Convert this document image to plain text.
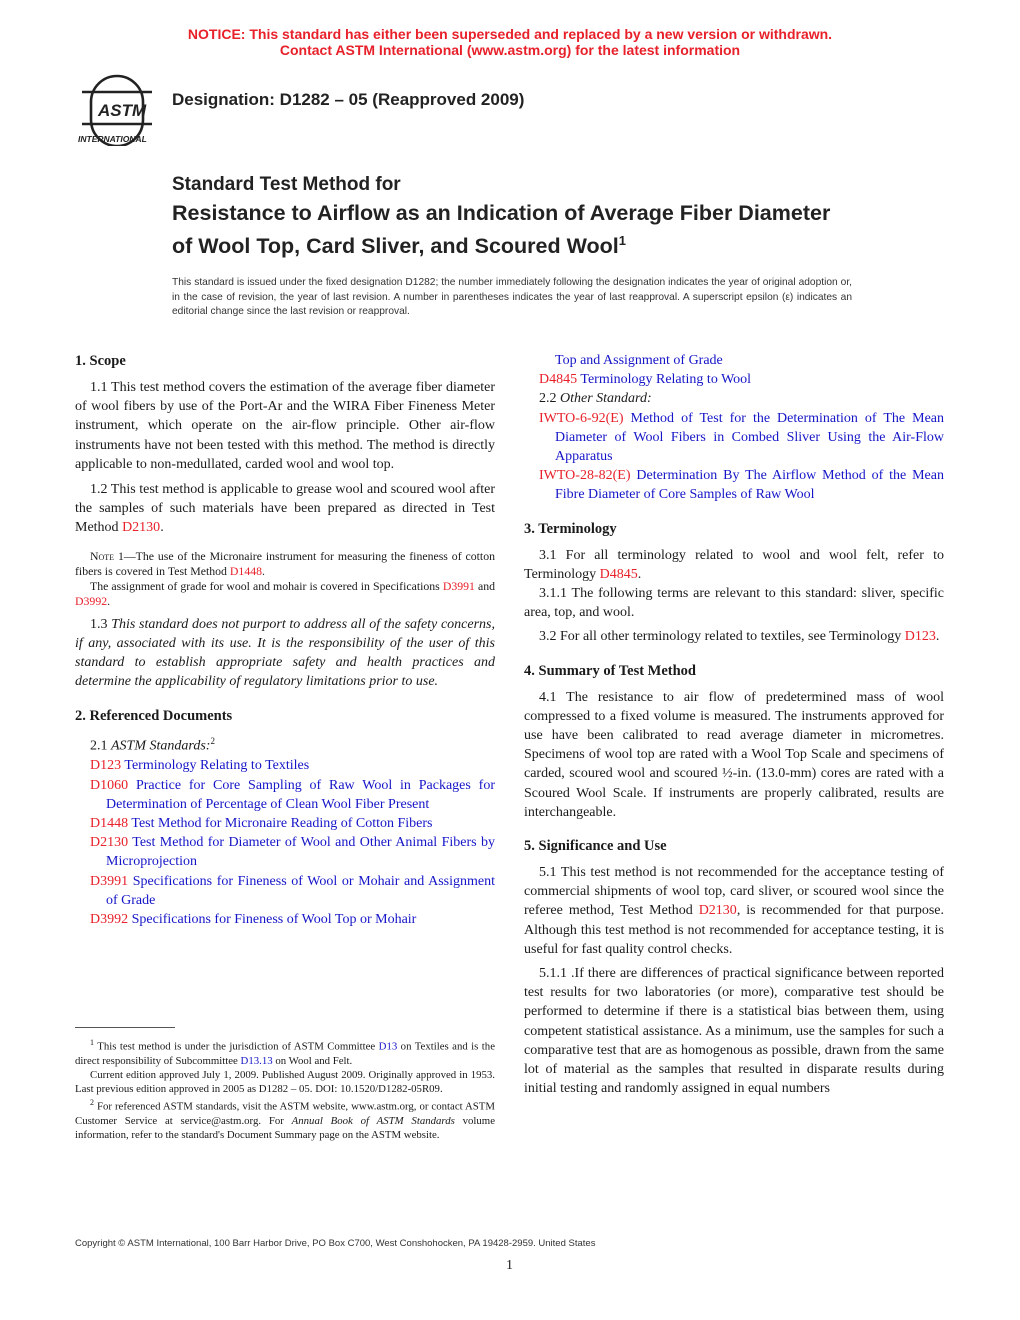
NOTICE: This standard has either been superseded and replaced by a new version or withdrawn.
Contact ASTM International (www.astm.org) for the latest information
ASTM
INTERNATIONAL
Designation: D1282 – 05 (Reapproved 2009)
Standard Test Method for
Resistance to Airflow as an Indication of Average Fiber Diameter of Wool Top, Card Sliver, and Scoured Wool$^1$
This standard is issued under the fixed designation D1282; the number immediately following the designation indicates the year of original adoption or, in the case of revision, the year of last revision. A number in parentheses indicates the year of last reapproval. A superscript epsilon (ε) indicates an editorial change since the last revision or reapproval.

1. Scope

1.1 This test method covers the estimation of the average fiber diameter of wool fibers by use of the Port-Ar and the WIRA Fiber Fineness Meter instrument, which operate on the air-flow principle. Other air-flow instruments have not been tested with this method. The method is directly applicable to non-medullated, carded wool and wool top.

1.2 This test method is applicable to grease wool and scoured wool after the samples of such materials have been prepared as directed in Test Method D2130.

Note 1—The use of the Micronaire instrument for measuring the fineness of cotton fibers is covered in Test Method D1448.

The assignment of grade for wool and mohair is covered in Specifications D3991 and D3992.

1.3 This standard does not purport to address all of the safety concerns, if any, associated with its use. It is the responsibility of the user of this standard to establish appropriate safety and health practices and determine the applicability of regulatory limitations prior to use.

2. Referenced Documents

2.1 ASTM Standards:$^2$

D123 Terminology Relating to Textiles

D1060 Practice for Core Sampling of Raw Wool in Packages for Determination of Percentage of Clean Wool Fiber Present

D1448 Test Method for Micronaire Reading of Cotton Fibers

D2130 Test Method for Diameter of Wool and Other Animal Fibers by Microprojection

D3991 Specifications for Fineness of Wool or Mohair and Assignment of Grade

D3992 Specifications for Fineness of Wool Top or Mohair

$^1$ This test method is under the jurisdiction of ASTM Committee D13 on Textiles and is the direct responsibility of Subcommittee D13.13 on Wool and Felt.

Current edition approved July 1, 2009. Published August 2009. Originally approved in 1953. Last previous edition approved in 2005 as D1282 – 05. DOI: 10.1520/D1282-05R09.

$^2$ For referenced ASTM standards, visit the ASTM website, www.astm.org, or contact ASTM Customer Service at service@astm.org. For Annual Book of ASTM Standards volume information, refer to the standard's Document Summary page on the ASTM website.

Top and Assignment of Grade

D4845 Terminology Relating to Wool

2.2 Other Standard:

IWTO-6-92(E) Method of Test for the Determination of The Mean Diameter of Wool Fibers in Combed Sliver Using the Air-Flow Apparatus

IWTO-28-82(E) Determination By The Airflow Method of the Mean Fibre Diameter of Core Samples of Raw Wool

3. Terminology

3.1 For all terminology related to wool and wool felt, refer to Terminology D4845.

3.1.1 The following terms are relevant to this standard: sliver, specific area, top, and wool.

3.2 For all other terminology related to textiles, see Terminology D123.

4. Summary of Test Method

4.1 The resistance to air flow of predetermined mass of wool compressed to a fixed volume is measured. The instruments approved for use have been calibrated to read average diameter in micrometres. Specimens of wool top are rated with a Wool Top Scale and specimens of carded, scoured wool and scoured ½-in. (13.0-mm) cores are rated with a Scoured Wool Scale. If instruments are properly calibrated, results are interchangeable.

5. Significance and Use

5.1 This test method is not recommended for the acceptance testing of commercial shipments of wool top, card sliver, or scoured wool since the referee method, Test Method D2130, is recommended for that purpose. Although this test method is not recommended for acceptance testing, it is useful for fast quality control checks.

5.1.1 .If there are differences of practical significance between reported test results for two laboratories (or more), comparative test should be performed to determine if there is a statistical bias between them, using competent statistical assistance. As a minimum, use the samples for such a comparative test that are as homogenous as possible, drawn from the same lot of material as the samples that resulted in disparate results during initial testing and randomly assigned in equal numbers

Copyright © ASTM International, 100 Barr Harbor Drive, PO Box C700, West Conshohocken, PA 19428-2959. United States
1
